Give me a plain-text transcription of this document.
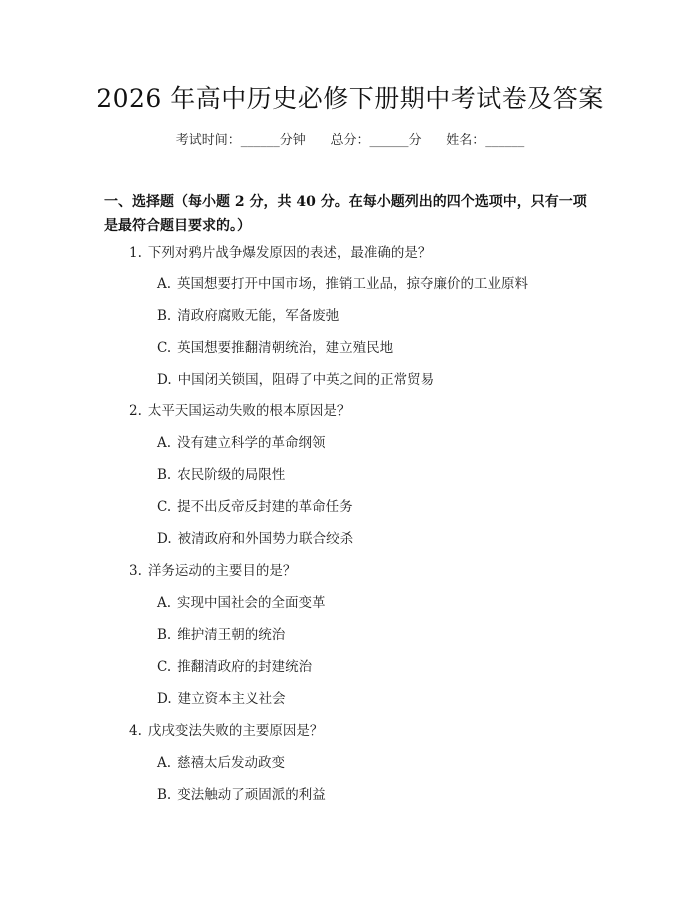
2026 年高中历史必修下册期中考试卷及答案
考试时间：______分钟      总分：______分      姓名：______
一、选择题（每小题 2 分，共 40 分。在每小题列出的四个选项中，只有一项是最符合题目要求的。）
1. 下列对鸦片战争爆发原因的表述，最准确的是？
A. 英国想要打开中国市场，推销工业品，掠夺廉价的工业原料
B. 清政府腐败无能，军备废弛
C. 英国想要推翻清朝统治，建立殖民地
D. 中国闭关锁国，阻碍了中英之间的正常贸易
2. 太平天国运动失败的根本原因是？
A. 没有建立科学的革命纲领
B. 农民阶级的局限性
C. 提不出反帝反封建的革命任务
D. 被清政府和外国势力联合绞杀
3. 洋务运动的主要目的是？
A. 实现中国社会的全面变革
B. 维护清王朝的统治
C. 推翻清政府的封建统治
D. 建立资本主义社会
4. 戊戌变法失败的主要原因是？
A. 慈禧太后发动政变
B. 变法触动了顽固派的利益
